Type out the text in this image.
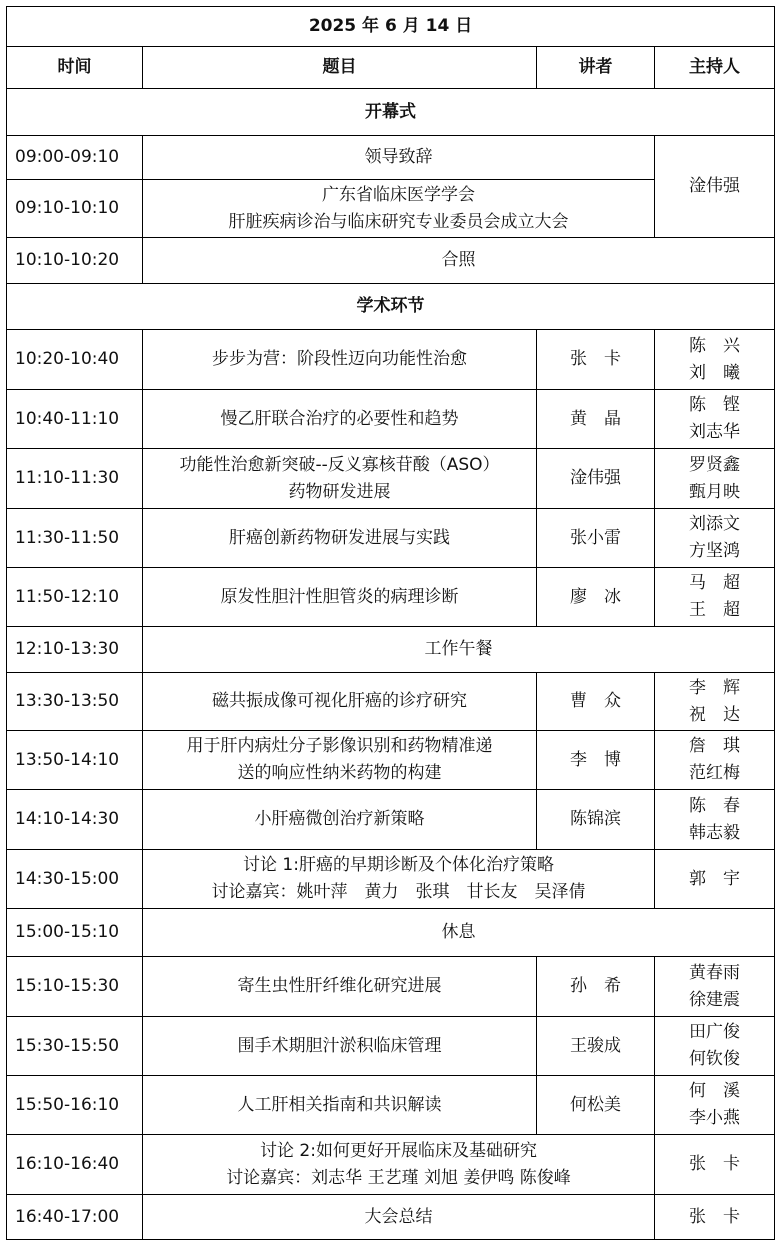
2025 年 6 月 14 日			
时间	题目	讲者	主持人
开幕式			
09:00-09:10	领导致辞		淦伟强
09:10-10:10	广东省临床医学学会
肝脏疾病诊治与临床研究专业委员会成立大会		

10:10-10:20	合照		
学术环节			
10:20-10:40	步步为营：阶段性迈向功能性治愈	张　卡	陈　兴
刘　曦

10:40-11:10	慢乙肝联合治疗的必要性和趋势	黄　晶	陈　铿
刘志华

11:10-11:30	功能性治愈新突破--反义寡核苷酸（ASO）
药物研发进展	淦伟强	罗贤鑫
甄月映

11:30-11:50	肝癌创新药物研发进展与实践	张小雷	刘添文
方坚鸿

11:50-12:10	原发性胆汁性胆管炎的病理诊断	廖　冰	马　超
王　超

12:10-13:30	工作午餐		
13:30-13:50	磁共振成像可视化肝癌的诊疗研究	曹　众	李　辉
祝　达

13:50-14:10	用于肝内病灶分子影像识别和药物精准递
送的响应性纳米药物的构建	李　博	詹　琪
范红梅

14:10-14:30	小肝癌微创治疗新策略	陈锦滨	陈　春
韩志毅

14:30-15:00	讨论 1:肝癌的早期诊断及个体化治疗策略
讨论嘉宾：姚叶萍　黄力　张琪　甘长友　吴泽倩		郭　宇
15:00-15:10	休息		
15:10-15:30	寄生虫性肝纤维化研究进展	孙　希	黄春雨
徐建震

15:30-15:50	围手术期胆汁淤积临床管理	王骏成	田广俊
何钦俊

15:50-16:10	人工肝相关指南和共识解读	何松美	何　溪
李小燕

16:10-16:40	讨论 2:如何更好开展临床及基础研究
讨论嘉宾：刘志华 王艺瑾 刘旭 姜伊鸣 陈俊峰		张　卡
16:40-17:00	大会总结		张　卡
